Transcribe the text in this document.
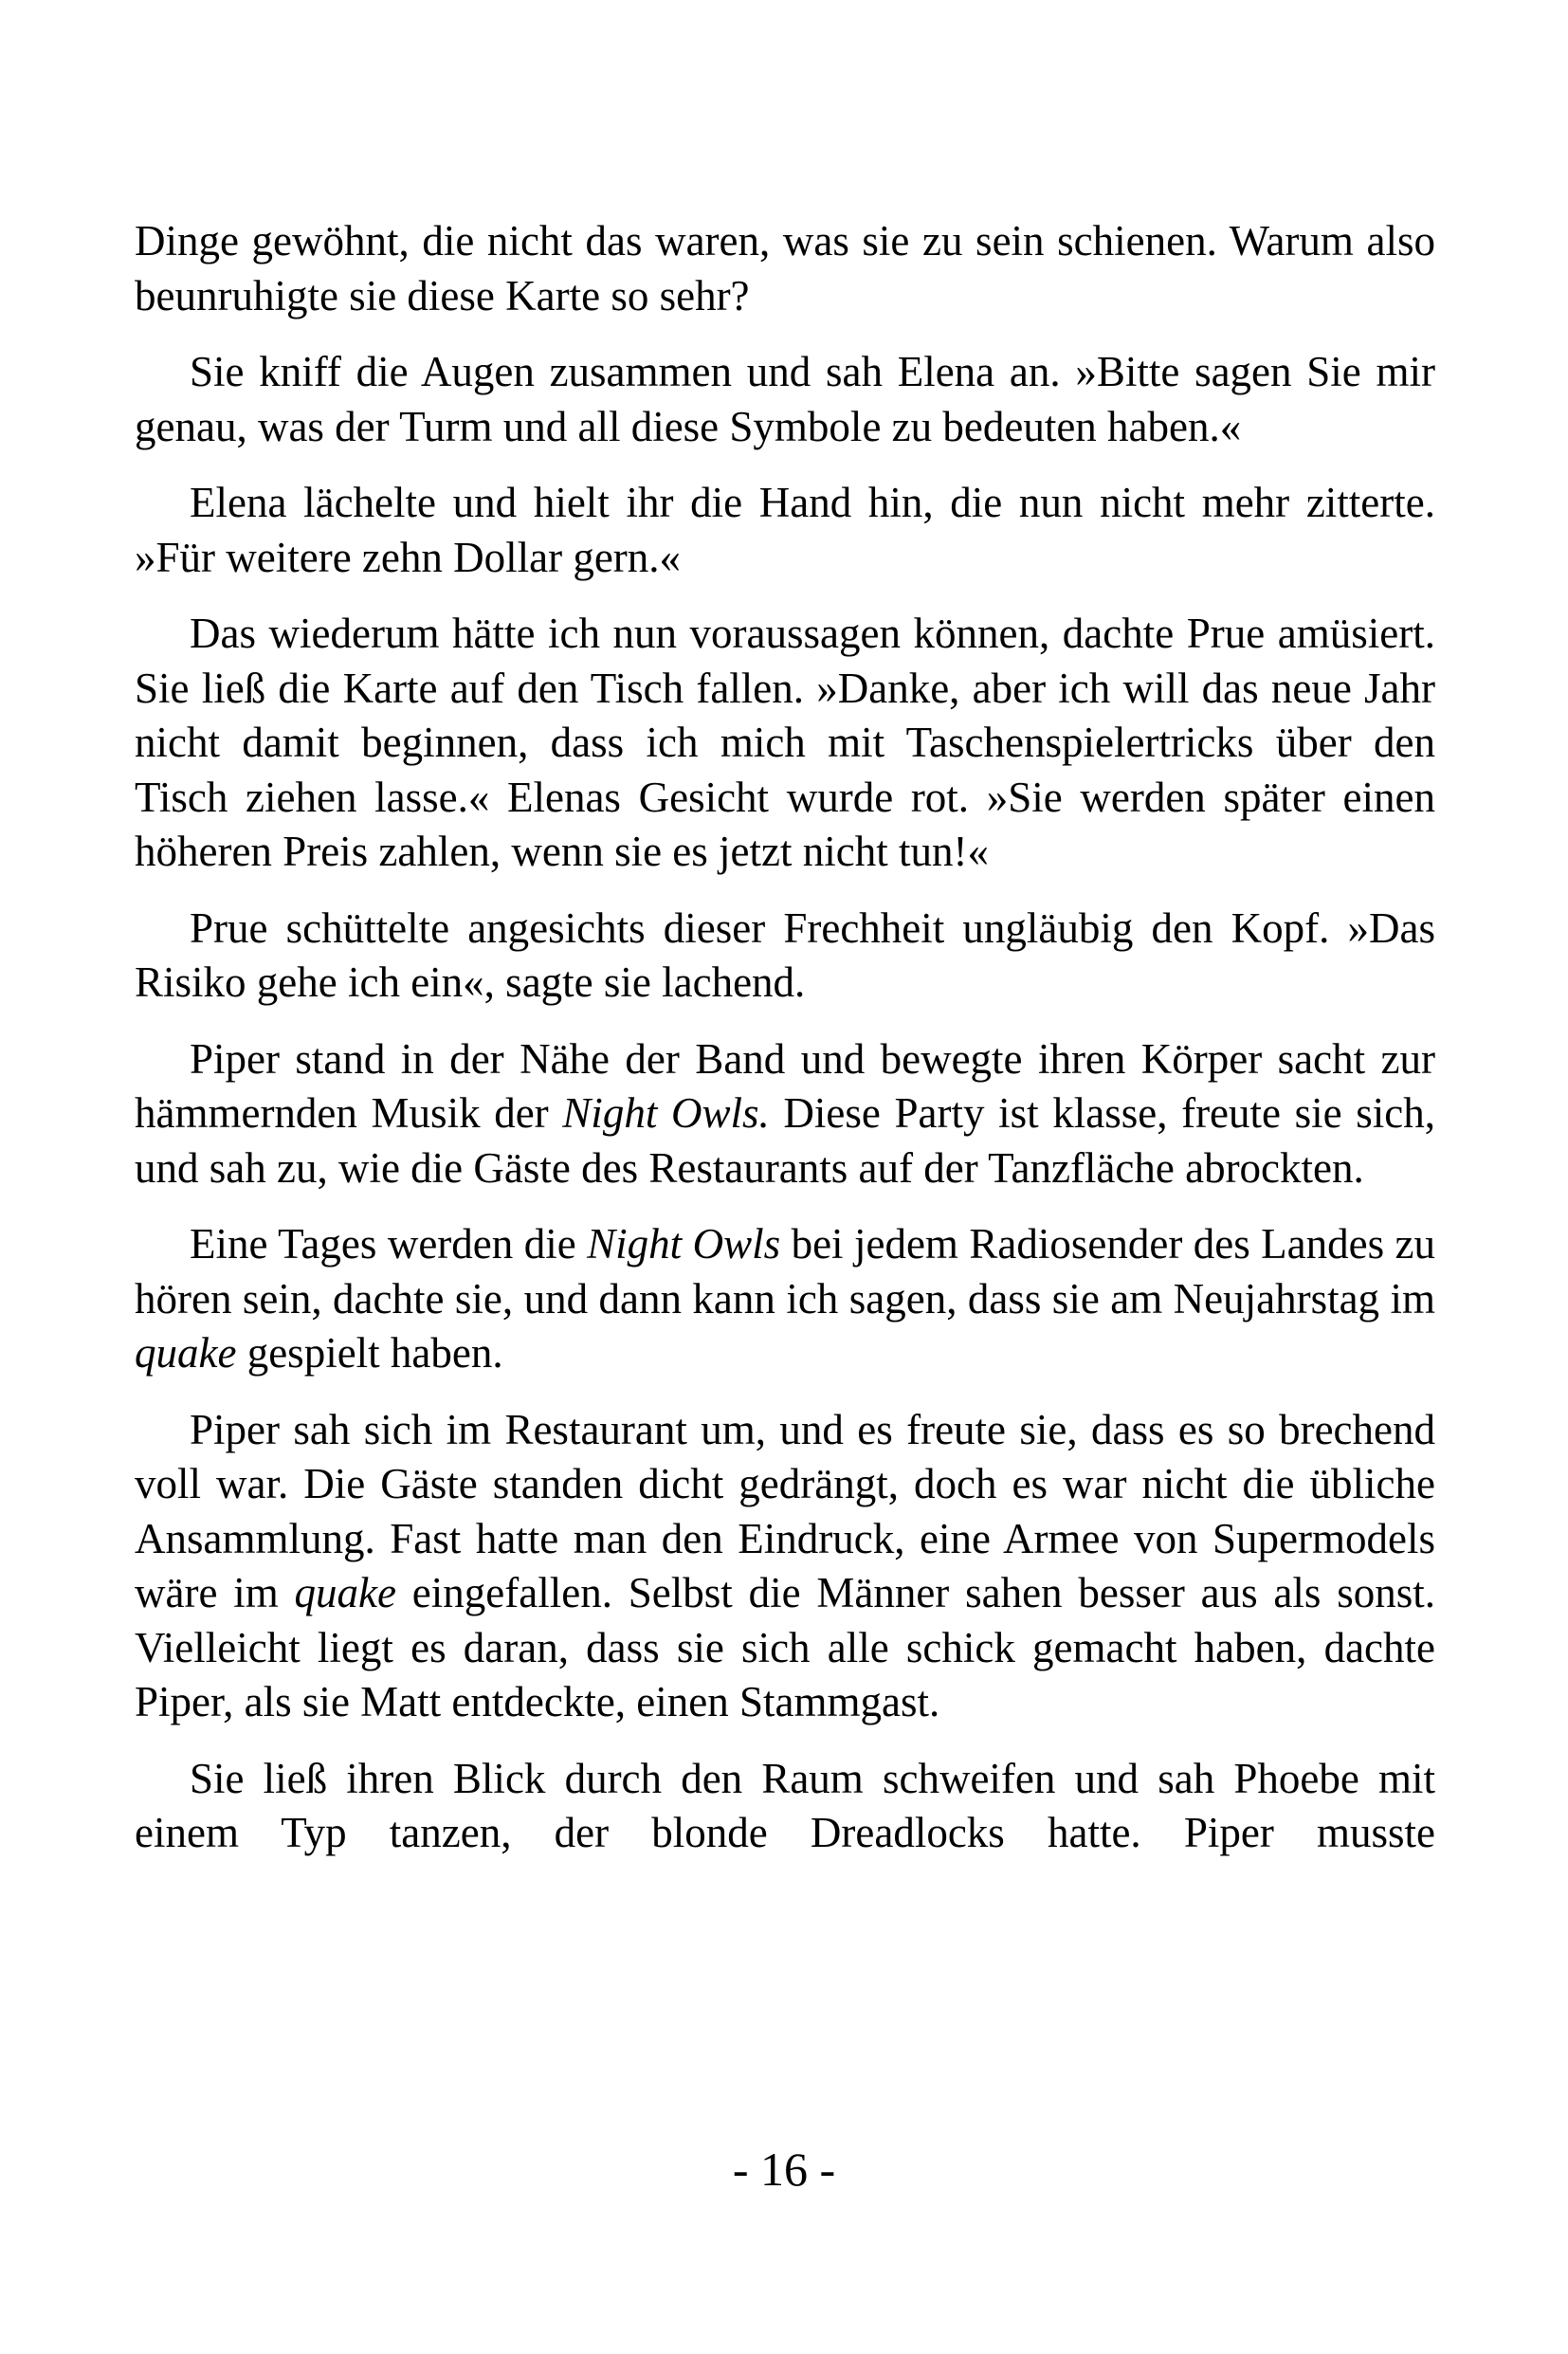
Dinge gewöhnt, die nicht das waren, was sie zu sein schienen. Warum also beunruhigte sie diese Karte so sehr?

Sie kniff die Augen zusammen und sah Elena an. »Bitte sagen Sie mir genau, was der Turm und all diese Symbole zu bedeuten haben.«

Elena lächelte und hielt ihr die Hand hin, die nun nicht mehr zitterte. »Für weitere zehn Dollar gern.«

Das wiederum hätte ich nun voraussagen können, dachte Prue amüsiert. Sie ließ die Karte auf den Tisch fallen. »Danke, aber ich will das neue Jahr nicht damit beginnen, dass ich mich mit Taschenspielertricks über den Tisch ziehen lasse.« Elenas Gesicht wurde rot. »Sie werden später einen höheren Preis zahlen, wenn sie es jetzt nicht tun!«

Prue schüttelte angesichts dieser Frechheit ungläubig den Kopf. »Das Risiko gehe ich ein«, sagte sie lachend.

Piper stand in der Nähe der Band und bewegte ihren Körper sacht zur hämmernden Musik der Night Owls. Diese Party ist klasse, freute sie sich, und sah zu, wie die Gäste des Restaurants auf der Tanzfläche abrockten.

Eine Tages werden die Night Owls bei jedem Radiosender des Landes zu hören sein, dachte sie, und dann kann ich sagen, dass sie am Neujahrstag im quake gespielt haben.

Piper sah sich im Restaurant um, und es freute sie, dass es so brechend voll war. Die Gäste standen dicht gedrängt, doch es war nicht die übliche Ansammlung. Fast hatte man den Eindruck, eine Armee von Supermodels wäre im quake eingefallen. Selbst die Männer sahen besser aus als sonst. Vielleicht liegt es daran, dass sie sich alle schick gemacht haben, dachte Piper, als sie Matt entdeckte, einen Stammgast.

Sie ließ ihren Blick durch den Raum schweifen und sah Phoebe mit einem Typ tanzen, der blonde Dreadlocks hatte. Piper musste

- 16 -
